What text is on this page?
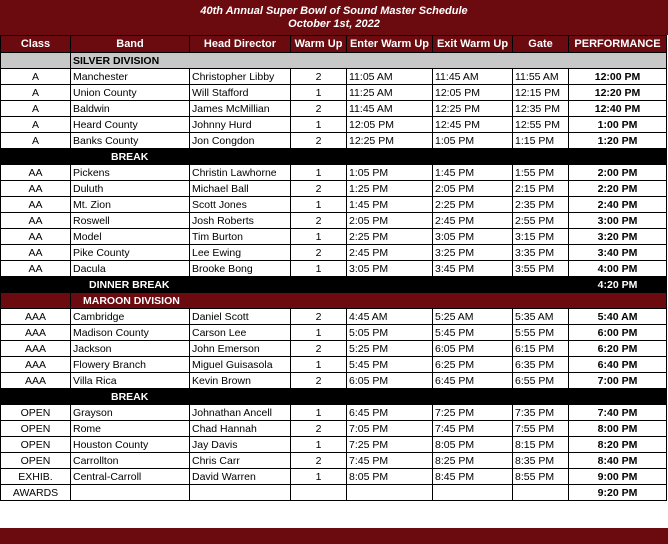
40th Annual Super Bowl of Sound Master Schedule
October 1st, 2022
Class	Band	Head Director	Warm Up	Enter Warm Up	Exit Warm Up	Gate	PERFORMANCE
	SILVER DIVISION						
A	Manchester	Christopher Libby	2	11:05 AM	11:45 AM	11:55 AM	12:00 PM
A	Union County	Will Stafford	1	11:25 AM	12:05 PM	12:15 PM	12:20 PM
A	Baldwin	James McMillian	2	11:45 AM	12:25 PM	12:35 PM	12:40 PM
A	Heard County	Johnny Hurd	1	12:05 PM	12:45 PM	12:55 PM	1:00 PM
A	Banks County	Jon Congdon	2	12:25 PM	1:05 PM	1:15 PM	1:20 PM
	BREAK						
AA	Pickens	Christin Lawhorne	1	1:05 PM	1:45 PM	1:55 PM	2:00 PM
AA	Duluth	Michael Ball	2	1:25 PM	2:05 PM	2:15 PM	2:20 PM
AA	Mt. Zion	Scott Jones	1	1:45 PM	2:25 PM	2:35 PM	2:40 PM
AA	Roswell	Josh Roberts	2	2:05 PM	2:45 PM	2:55 PM	3:00 PM
AA	Model	Tim Burton	1	2:25 PM	3:05 PM	3:15 PM	3:20 PM
AA	Pike County	Lee Ewing	2	2:45 PM	3:25 PM	3:35 PM	3:40 PM
AA	Dacula	Brooke Bong	1	3:05 PM	3:45 PM	3:55 PM	4:00 PM
	DINNER BREAK						4:20 PM
	MAROON DIVISION						
AAA	Cambridge	Daniel Scott	2	4:45 AM	5:25 AM	5:35 AM	5:40 AM
AAA	Madison County	Carson Lee	1	5:05 PM	5:45 PM	5:55 PM	6:00 PM
AAA	Jackson	John Emerson	2	5:25 PM	6:05 PM	6:15 PM	6:20 PM
AAA	Flowery Branch	Miguel Guisasola	1	5:45 PM	6:25 PM	6:35 PM	6:40 PM
AAA	Villa Rica	Kevin Brown	2	6:05 PM	6:45 PM	6:55 PM	7:00 PM
	BREAK						
OPEN	Grayson	Johnathan Ancell	1	6:45 PM	7:25 PM	7:35 PM	7:40 PM
OPEN	Rome	Chad Hannah	2	7:05 PM	7:45 PM	7:55 PM	8:00 PM
OPEN	Houston County	Jay Davis	1	7:25 PM	8:05 PM	8:15 PM	8:20 PM
OPEN	Carrollton	Chris Carr	2	7:45 PM	8:25 PM	8:35 PM	8:40 PM
EXHIB.	Central-Carroll	David Warren	1	8:05 PM	8:45 PM	8:55 PM	9:00 PM
AWARDS							9:20 PM
